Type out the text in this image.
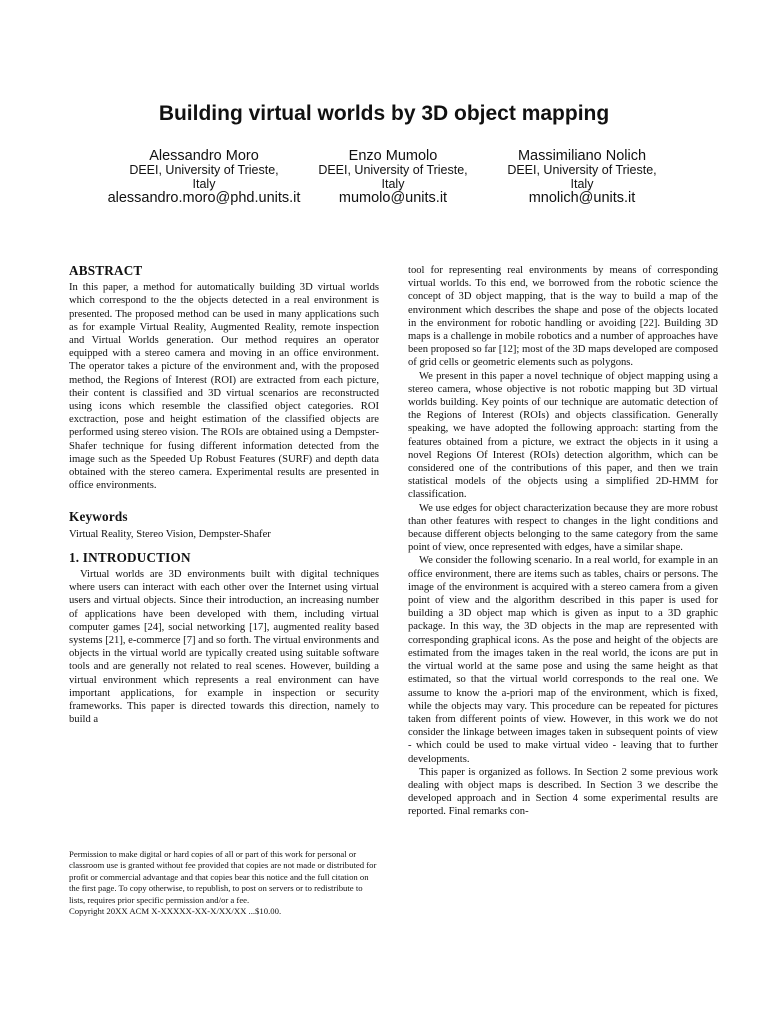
Building virtual worlds by 3D object mapping
Alessandro Moro
DEEI, University of Trieste,
Italy
alessandro.moro@phd.units.it
Enzo Mumolo
DEEI, University of Trieste,
Italy
mumolo@units.it
Massimiliano Nolich
DEEI, University of Trieste,
Italy
mnolich@units.it
ABSTRACT

In this paper, a method for automatically building 3D virtual worlds which correspond to the the objects detected in a real environment is presented. The proposed method can be used in many applications such as for example Virtual Reality, Augmented Reality, remote inspection and Virtual Worlds generation. Our method requires an operator equipped with a stereo camera and moving in an office environment. The operator takes a picture of the environment and, with the proposed method, the Regions of Interest (ROI) are extracted from each picture, their content is classified and 3D virtual scenarios are reconstructed using icons which resemble the classified object categories. ROI exctraction, pose and height estimation of the classified objects are performed using stereo vision. The ROIs are obtained using a Dempster-Shafer technique for fusing different information detected from the image such as the Speeded Up Robust Features (SURF) and depth data obtained with the stereo camera. Experimental results are presented in office environments.

Keywords

Virtual Reality, Stereo Vision, Dempster-Shafer

1. INTRODUCTION

Virtual worlds are 3D environments built with digital techniques where users can interact with each other over the Internet using virtual users and virtual objects. Since their introduction, an increasing number of applications have been developed with them, including virtual computer games [24], social networking [17], augmented reality based systems [21], e-commerce [7] and so forth. The virtual environments and objects in the virtual world are typically created using suitable software tools and are generally not related to real scenes. However, building a virtual environment which represents a real environment can have important applications, for example in inspection or security frameworks. This paper is directed towards this direction, namely to build a

Permission to make digital or hard copies of all or part of this work for personal or classroom use is granted without fee provided that copies are not made or distributed for profit or commercial advantage and that copies bear this notice and the full citation on the first page. To copy otherwise, to republish, to post on servers or to redistribute to lists, requires prior specific permission and/or a fee.
Copyright 20XX ACM X-XXXXX-XX-X/XX/XX ...$10.00.

tool for representing real environments by means of corresponding virtual worlds. To this end, we borrowed from the robotic science the concept of 3D object mapping, that is the way to build a map of the environment which describes the shape and pose of the objects located in the environment for robotic handling or avoiding [22]. Building 3D maps is a challenge in mobile robotics and a number of approaches have been proposed so far [12]; most of the 3D maps developed are composed of grid cells or geometric elements such as polygons.

We present in this paper a novel technique of object mapping using a stereo camera, whose objective is not robotic mapping but 3D virtual worlds building. Key points of our technique are automatic detection of the Regions of Interest (ROIs) and objects classification. Generally speaking, we have adopted the following approach: starting from the features obtained from a picture, we extract the objects in it using a novel Regions Of Interest (ROIs) detection algorithm, which can be considered one of the contributions of this paper, and then we train statistical models of the objects using a simplified 2D-HMM for classification.

We use edges for object characterization because they are more robust than other features with respect to changes in the light conditions and because different objects belonging to the same category from the same point of view, once represented with edges, have a similar shape.

We consider the following scenario. In a real world, for example in an office environment, there are items such as tables, chairs or persons. The image of the environment is acquired with a stereo camera from a given point of view and the algorithm described in this paper is used for building a 3D object map which is given as input to a 3D graphic package. In this way, the 3D objects in the map are represented with corresponding graphical icons. As the pose and height of the objects are estimated from the images taken in the real world, the icons are put in the virtual world at the same pose and using the same height as that estimated, so that the virtual world corresponds to the real one. We assume to know the a-priori map of the environment, which is fixed, while the objects may vary. This procedure can be repeated for pictures taken from different points of view. However, in this work we do not consider the linkage between images taken in subsequent points of view - which could be used to make virtual video - leaving that to further developments.

This paper is organized as follows. In Section 2 some previous work dealing with object maps is described. In Section 3 we describe the developed approach and in Section 4 some experimental results are reported. Final remarks con-
